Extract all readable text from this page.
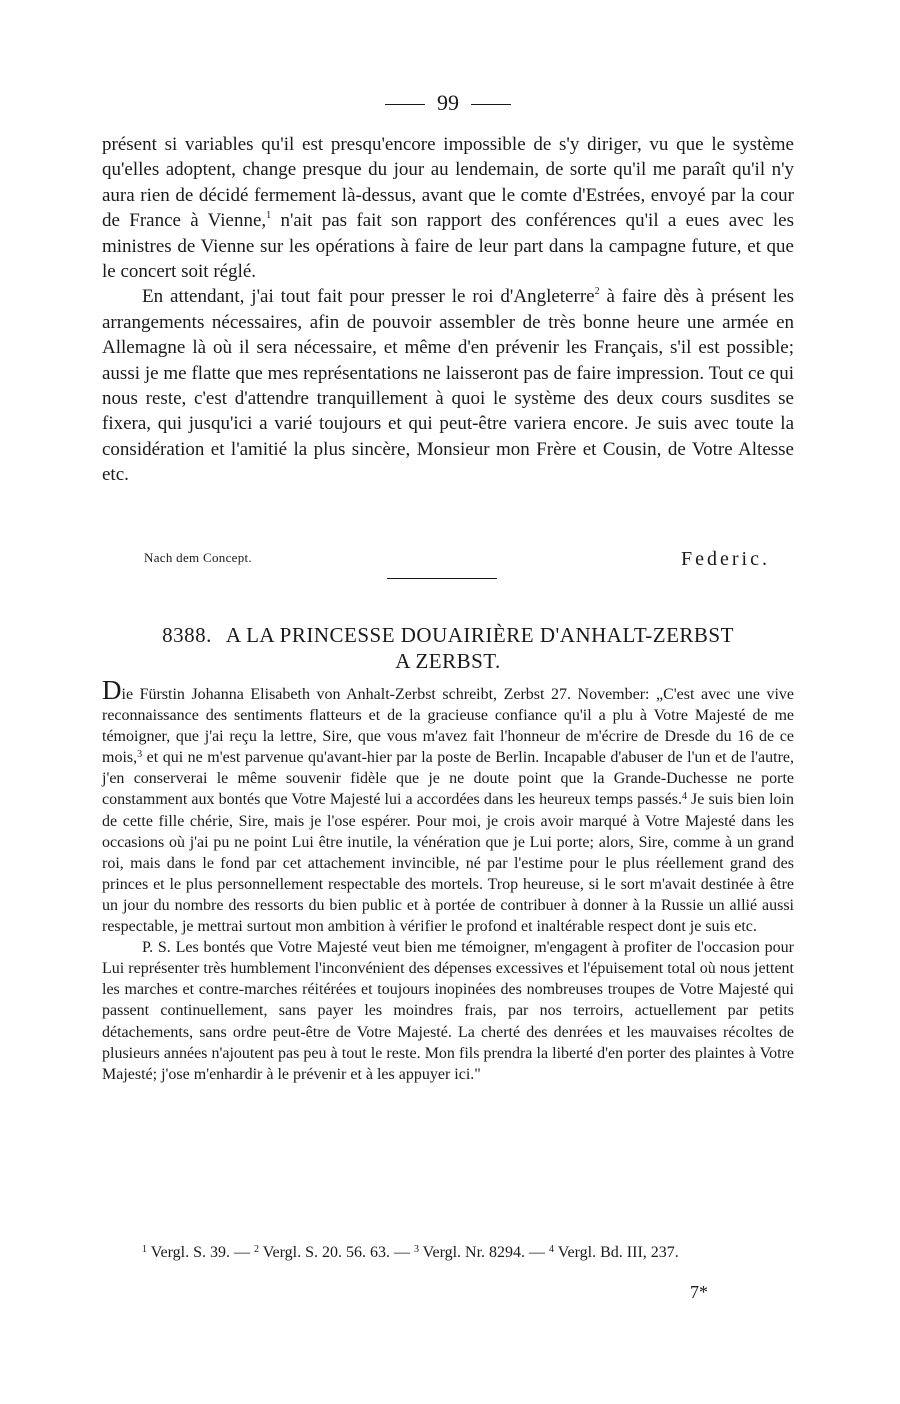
99

présent si variables qu'il est presqu'encore impossible de s'y diriger, vu que le système qu'elles adoptent, change presque du jour au lendemain, de sorte qu'il me paraît qu'il n'y aura rien de décidé fermement là-dessus, avant que le comte d'Estrées, envoyé par la cour de France à Vienne,$^1$ n'ait pas fait son rapport des conférences qu'il a eues avec les ministres de Vienne sur les opérations à faire de leur part dans la campagne future, et que le concert soit réglé.

En attendant, j'ai tout fait pour presser le roi d'Angleterre$^2$ à faire dès à présent les arrangements nécessaires, afin de pouvoir assembler de très bonne heure une armée en Allemagne là où il sera nécessaire, et même d'en prévenir les Français, s'il est possible; aussi je me flatte que mes représentations ne laisseront pas de faire impression. Tout ce qui nous reste, c'est d'attendre tranquillement à quoi le système des deux cours susdites se fixera, qui jusqu'ici a varié toujours et qui peut-être variera encore. Je suis avec toute la considération et l'amitié la plus sincère, Monsieur mon Frère et Cousin, de Votre Altesse etc.

Nach dem Concept.	Federic.
8388. A LA PRINCESSE DOUAIRIÈRE D'ANHALT-ZERBST
A ZERBST.

Die Fürstin Johanna Elisabeth von Anhalt-Zerbst schreibt, Zerbst 27. November: „C'est avec une vive reconnaissance des sentiments flatteurs et de la gracieuse confiance qu'il a plu à Votre Majesté de me témoigner, que j'ai reçu la lettre, Sire, que vous m'avez fait l'honneur de m'écrire de Dresde du 16 de ce mois,$^3$ et qui ne m'est parvenue qu'avant-hier par la poste de Berlin. Incapable d'abuser de l'un et de l'autre, j'en conserverai le même souvenir fidèle que je ne doute point que la Grande-Duchesse ne porte constamment aux bontés que Votre Majesté lui a accordées dans les heureux temps passés.$^4$ Je suis bien loin de cette fille chérie, Sire, mais je l'ose espérer. Pour moi, je crois avoir marqué à Votre Majesté dans les occasions où j'ai pu ne point Lui être inutile, la vénération que je Lui porte; alors, Sire, comme à un grand roi, mais dans le fond par cet attachement invincible, né par l'estime pour le plus réellement grand des princes et le plus personnellement respectable des mortels. Trop heureuse, si le sort m'avait destinée à être un jour du nombre des ressorts du bien public et à portée de contribuer à donner à la Russie un allié aussi respectable, je mettrai surtout mon ambition à vérifier le profond et inaltérable respect dont je suis etc.

P. S. Les bontés que Votre Majesté veut bien me témoigner, m'engagent à profiter de l'occasion pour Lui représenter très humblement l'inconvénient des dépenses excessives et l'épuisement total où nous jettent les marches et contre-marches réitérées et toujours inopinées des nombreuses troupes de Votre Majesté qui passent continuellement, sans payer les moindres frais, par nos terroirs, actuellement par petits détachements, sans ordre peut-être de Votre Majesté. La cherté des denrées et les mauvaises récoltes de plusieurs années n'ajoutent pas peu à tout le reste. Mon fils prendra la liberté d'en porter des plaintes à Votre Majesté; j'ose m'enhardir à le prévenir et à les appuyer ici."

$^1$ Vergl. S. 39. — $^2$ Vergl. S. 20. 56. 63. — $^3$ Vergl. Nr. 8294. — $^4$ Vergl. Bd. III, 237.

7*
